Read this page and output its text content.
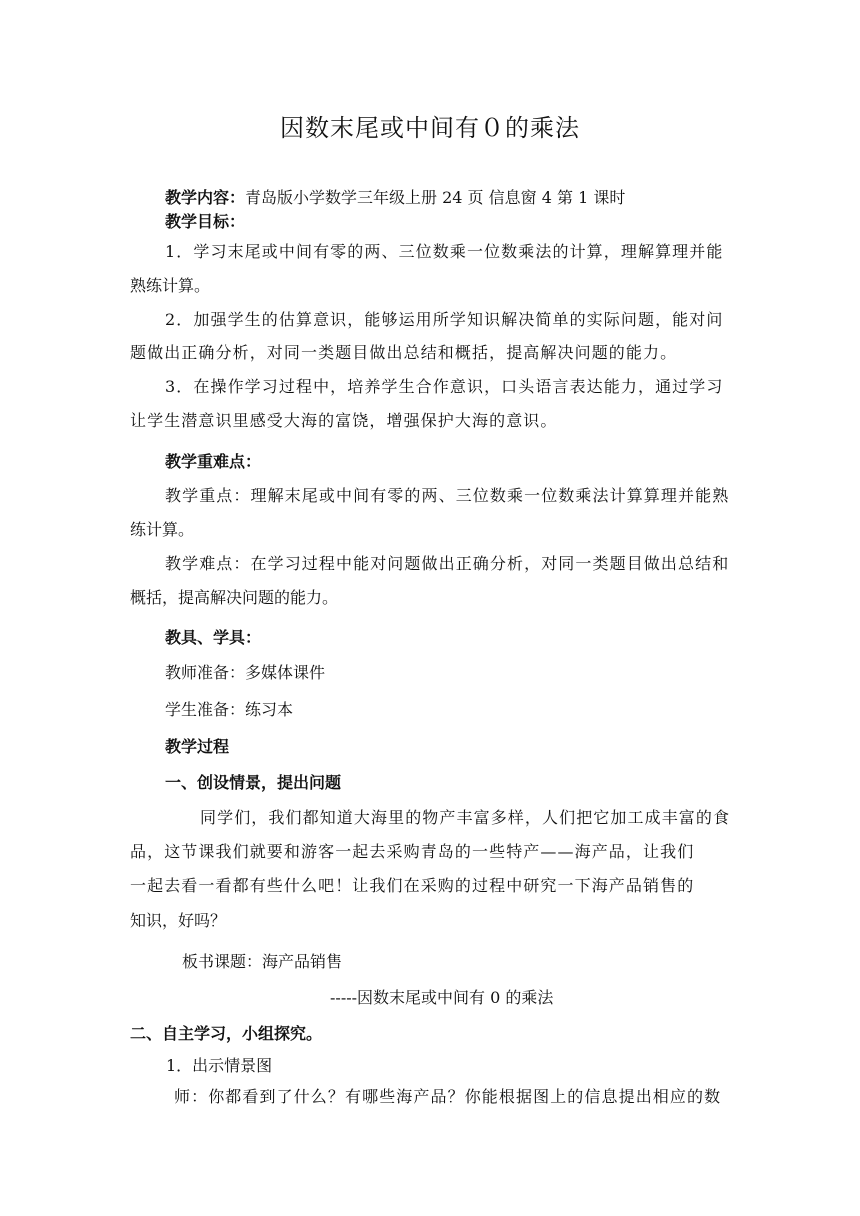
因数末尾或中间有０的乘法
教学内容：青岛版小学数学三年级上册 24 页 信息窗 4 第 1 课时
教学目标：
1．学习末尾或中间有零的两、三位数乘一位数乘法的计算，理解算理并能
熟练计算。
2．加强学生的估算意识，能够运用所学知识解决简单的实际问题，能对问
题做出正确分析，对同一类题目做出总结和概括，提高解决问题的能力。
3．在操作学习过程中，培养学生合作意识，口头语言表达能力，通过学习
让学生潜意识里感受大海的富饶，增强保护大海的意识。
教学重难点：
教学重点：理解末尾或中间有零的两、三位数乘一位数乘法计算算理并能熟
练计算。
教学难点：在学习过程中能对问题做出正确分析，对同一类题目做出总结和
概括，提高解决问题的能力。
教具、学具：
教师准备：多媒体课件
学生准备：练习本
教学过程
一、创设情景，提出问题
同学们，我们都知道大海里的物产丰富多样，人们把它加工成丰富的食
品，这节课我们就要和游客一起去采购青岛的一些特产——海产品，让我们
一起去看一看都有些什么吧！让我们在采购的过程中研究一下海产品销售的
知识，好吗？
板书课题：海产品销售
-----因数末尾或中间有 0 的乘法
二、自主学习，小组探究。
1．出示情景图
师：你都看到了什么？有哪些海产品？你能根据图上的信息提出相应的数
